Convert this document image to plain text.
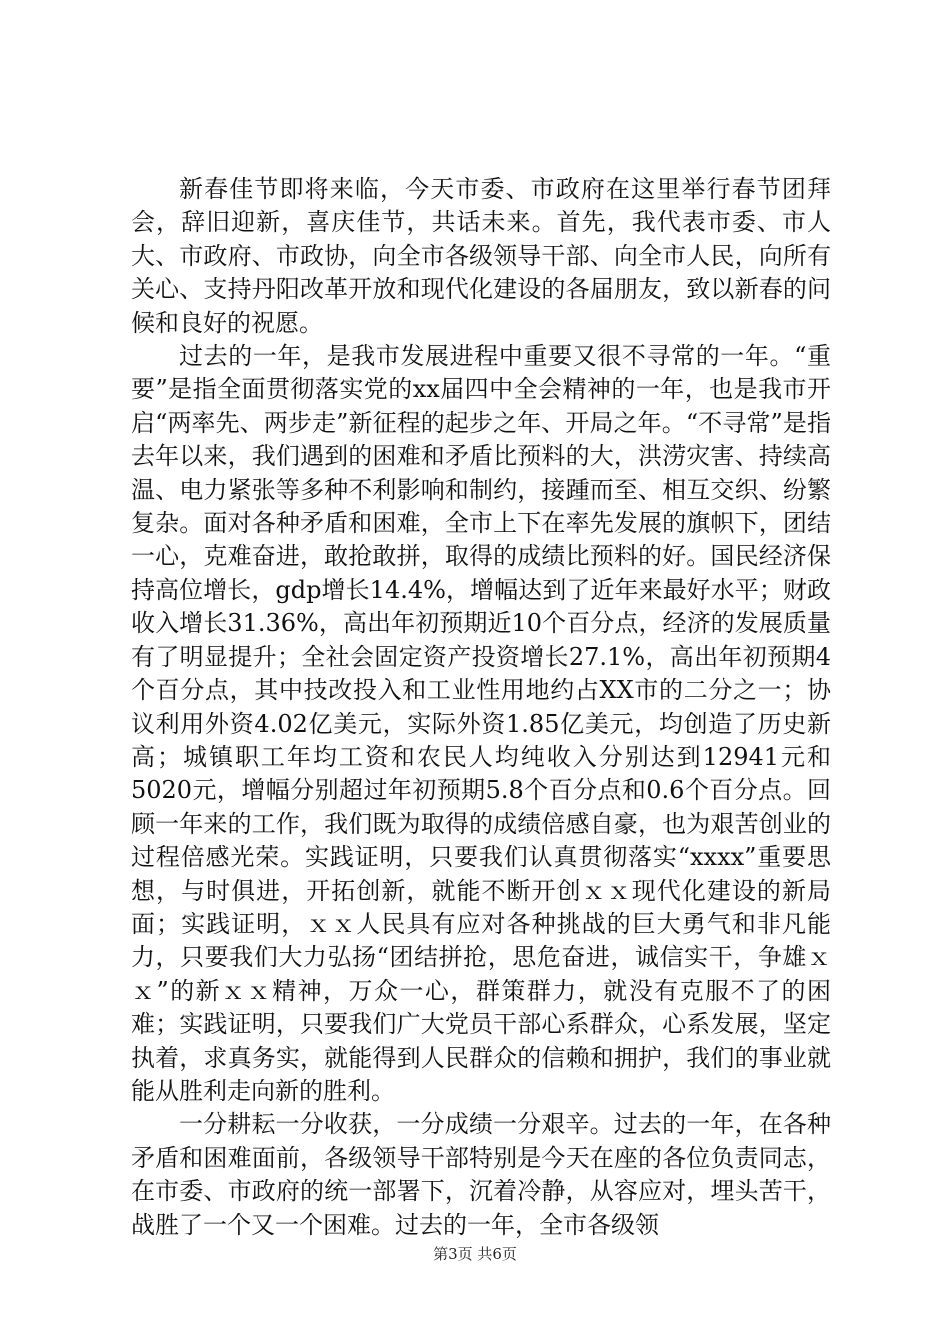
新春佳节即将来临，今天市委、市政府在这里举行春节团拜会，辞旧迎新，喜庆佳节，共话未来。首先，我代表市委、市人大、市政府、市政协，向全市各级领导干部、向全市人民，向所有关心、支持丹阳改革开放和现代化建设的各届朋友，致以新春的问候和良好的祝愿。

过去的一年，是我市发展进程中重要又很不寻常的一年。“重要”是指全面贯彻落实党的xx届四中全会精神的一年，也是我市开启“两率先、两步走”新征程的起步之年、开局之年。“不寻常”是指去年以来，我们遇到的困难和矛盾比预料的大，洪涝灾害、持续高温、电力紧张等多种不利影响和制约，接踵而至、相互交织、纷繁复杂。面对各种矛盾和困难，全市上下在率先发展的旗帜下，团结一心，克难奋进，敢抢敢拼，取得的成绩比预料的好。国民经济保持高位增长，gdp增长14.4%，增幅达到了近年来最好水平；财政收入增长31.36%，高出年初预期近10个百分点，经济的发展质量有了明显提升；全社会固定资产投资增长27.1%，高出年初预期4个百分点，其中技改投入和工业性用地约占XX市的二分之一；协议利用外资4.02亿美元，实际外资1.85亿美元，均创造了历史新高；城镇职工年均工资和农民人均纯收入分别达到12941元和5020元，增幅分别超过年初预期5.8个百分点和0.6个百分点。回顾一年来的工作，我们既为取得的成绩倍感自豪，也为艰苦创业的过程倍感光荣。实践证明，只要我们认真贯彻落实“xxxx”重要思想，与时俱进，开拓创新，就能不断开创ｘｘ现代化建设的新局面；实践证明，ｘｘ人民具有应对各种挑战的巨大勇气和非凡能力，只要我们大力弘扬“团结拼抢，思危奋进，诚信实干，争雄ｘｘ”的新ｘｘ精神，万众一心，群策群力，就没有克服不了的困难；实践证明，只要我们广大党员干部心系群众，心系发展，坚定执着，求真务实，就能得到人民群众的信赖和拥护，我们的事业就能从胜利走向新的胜利。

一分耕耘一分收获，一分成绩一分艰辛。过去的一年，在各种矛盾和困难面前，各级领导干部特别是今天在座的各位负责同志，在市委、市政府的统一部署下，沉着冷静，从容应对，埋头苦干，战胜了一个又一个困难。过去的一年，全市各级领

第3页 共6页
